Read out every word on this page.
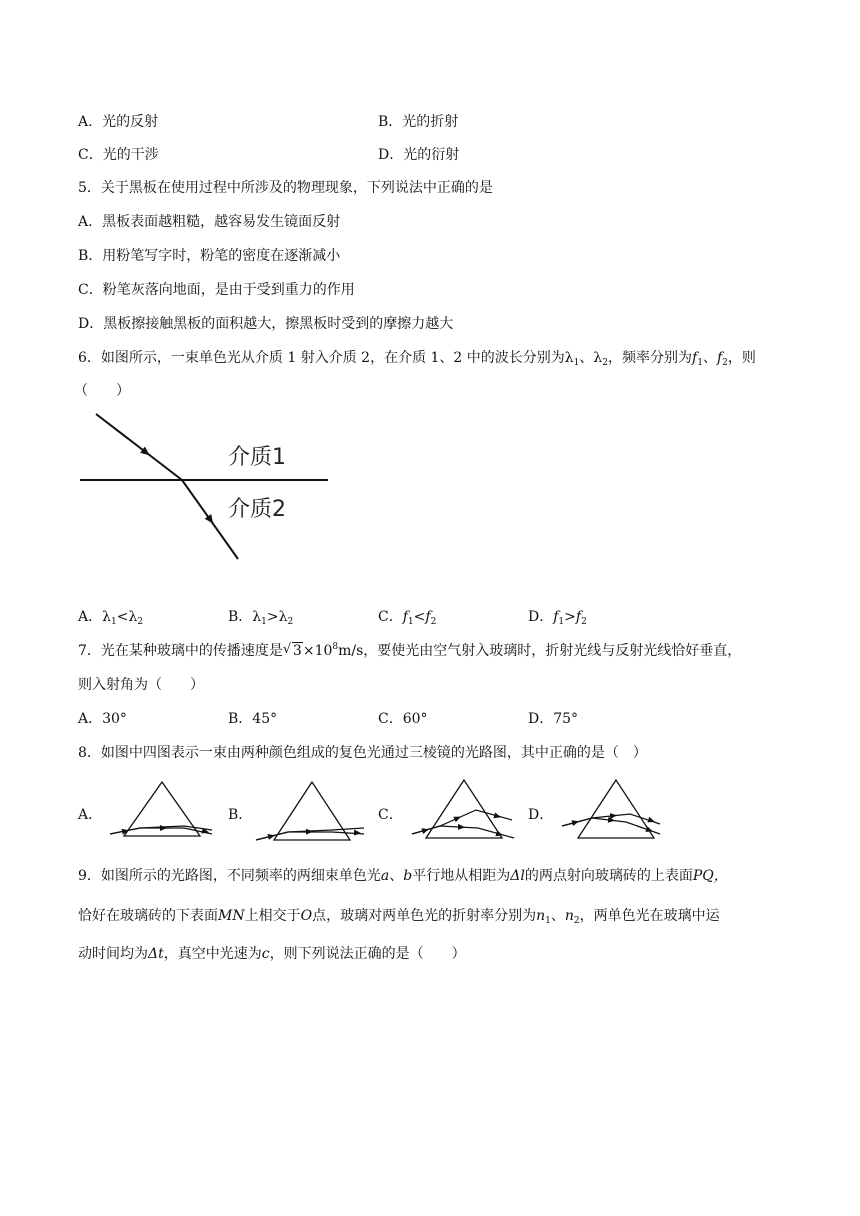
A．光的反射	B．光的折射
C．光的干涉	D．光的衍射
5．关于黑板在使用过程中所涉及的物理现象，下列说法中正确的是
A．黑板表面越粗糙，越容易发生镜面反射
B．用粉笔写字时，粉笔的密度在逐渐减小
C．粉笔灰落向地面，是由于受到重力的作用
D．黑板擦接触黑板的面积越大，擦黑板时受到的摩擦力越大
6．如图所示，一束单色光从介质 1 射入介质 2，在介质 1、2 中的波长分别为$\lambda_1$、$\lambda_2$，频率分别为$f_1$、$f_2$，则
（　　）
介质1
介质2
A．$\lambda_1<\lambda_2$	B．$\lambda_1>\lambda_2$	C．$f_1<f_2$	D．$f_1>f_2$
7．光在某种玻璃中的传播速度是√ $3\times 10^8m/s$，要使光由空气射入玻璃时，折射光线与反射光线恰好垂直，
则入射角为（　　）
A．30°	B．45°	C．60°	D．75°
8．如图中四图表示一束由两种颜色组成的复色光通过三棱镜的光路图，其中正确的是（　）
A．	B．	C．	D．
9．如图所示的光路图，不同频率的两细束单色光a、b平行地从相距为Δl的两点射向玻璃砖的上表面PQ，
恰好在玻璃砖的下表面MN上相交于O点，玻璃对两单色光的折射率分别为$n_1$、$n_2$，两单色光在玻璃中运
动时间均为Δt，真空中光速为c，则下列说法正确的是（　　）
